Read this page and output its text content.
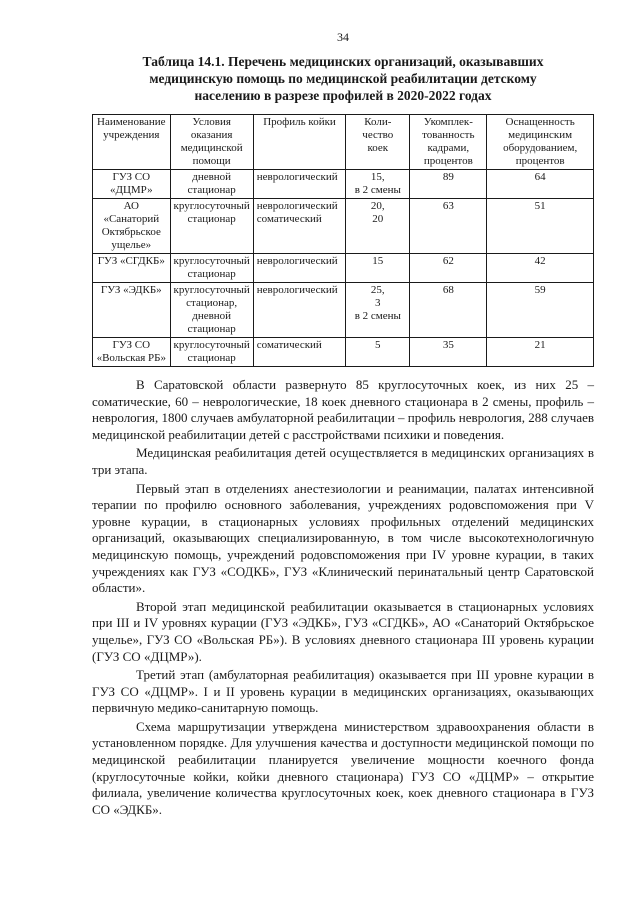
34
Таблица 14.1. Перечень медицинских организаций, оказывавших
медицинскую помощь по медицинской реабилитации детскому
населению в разрезе профилей в 2020-2022 годах
Наименование
учреждения	Условия
оказания
медицинской
помощи	Профиль койки	Коли-
чество
коек	Укомплек-
тованность
кадрами,
процентов	Оснащенность
медицинским
оборудованием,
процентов

ГУЗ СО
«ДЦМР»	дневной
стационар	неврологический	15,
в 2 смены	89	64

АО «Санаторий
Октябрьское
ущелье»	круглосуточный
стационар	неврологический
соматический	20,
20	63	51

ГУЗ «СГДКБ»	круглосуточный
стационар	неврологический	15	62	42

ГУЗ «ЭДКБ»	круглосуточный
стационар,
дневной
стационар	неврологический	25,
3
в 2 смены	68	59

ГУЗ СО
«Вольская РБ»	круглосуточный
стационар	соматический	5	35	21

В Саратовской области развернуто 85 круглосуточных коек, из них 25 – соматические, 60 – неврологические, 18 коек дневного стационара в 2 смены, профиль – неврология, 1800 случаев амбулаторной реабилитации – профиль неврология, 288 случаев медицинской реабилитации детей с расстройствами психики и поведения.

Медицинская реабилитация детей осуществляется в медицинских организациях в три этапа.

Первый этап в отделениях анестезиологии и реанимации, палатах интенсивной терапии по профилю основного заболевания, учреждениях родовспоможения при V уровне курации, в стационарных условиях профильных отделений медицинских организаций, оказывающих специализированную, в том числе высокотехнологичную медицинскую помощь, учреждений родовспоможения при IV уровне курации, в таких учреждениях как ГУЗ «СОДКБ», ГУЗ «Клинический перинатальный центр Саратовской области».

Второй этап медицинской реабилитации оказывается в стационарных условиях при III и IV уровнях курации (ГУЗ «ЭДКБ», ГУЗ «СГДКБ», АО «Санаторий Октябрьское ущелье», ГУЗ СО «Вольская РБ»). В условиях дневного стационара III уровень курации (ГУЗ СО «ДЦМР»).

Третий этап (амбулаторная реабилитация) оказывается при III уровне курации в ГУЗ СО «ДЦМР». I и II уровень курации в медицинских организациях, оказывающих первичную медико-санитарную помощь.

Схема маршрутизации утверждена министерством здравоохранения области в установленном порядке. Для улучшения качества и доступности медицинской помощи по медицинской реабилитации планируется увеличение мощности коечного фонда (круглосуточные койки, койки дневного стационара) ГУЗ СО «ДЦМР» – открытие филиала, увеличение количества круглосуточных коек, коек дневного стационара в ГУЗ СО «ЭДКБ».
